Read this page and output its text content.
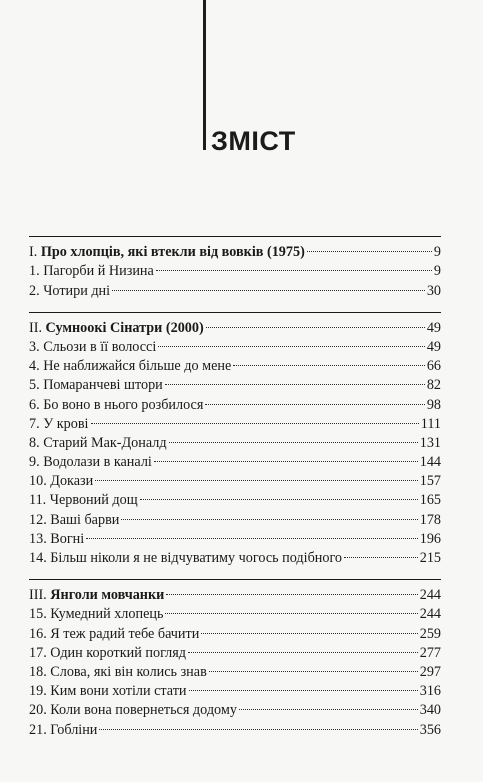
ЗМІСТ
I. Про хлопців, які втекли від вовків (1975)	9
1. Пагорби й Низина	9
2. Чотири дні	30
II. Сумноокі Сінатри (2000)	49
3. Сльози в її волоссі	49
4. Не наближайся більше до мене	66
5. Помаранчеві штори	82
6. Бо воно в нього розбилося	98
7. У крові	111
8. Старий Мак-Доналд	131
9. Водолази в каналі	144
10. Докази	157
11. Червоний дощ	165
12. Ваші барви	178
13. Вогні	196
14. Більш ніколи я не відчуватиму чогось подібного	215
III. Янголи мовчанки	244
15. Кумедний хлопець	244
16. Я теж радий тебе бачити	259
17. Один короткий погляд	277
18. Слова, які він колись знав	297
19. Ким вони хотіли стати	316
20. Коли вона повернеться додому	340
21. Гобліни	356
